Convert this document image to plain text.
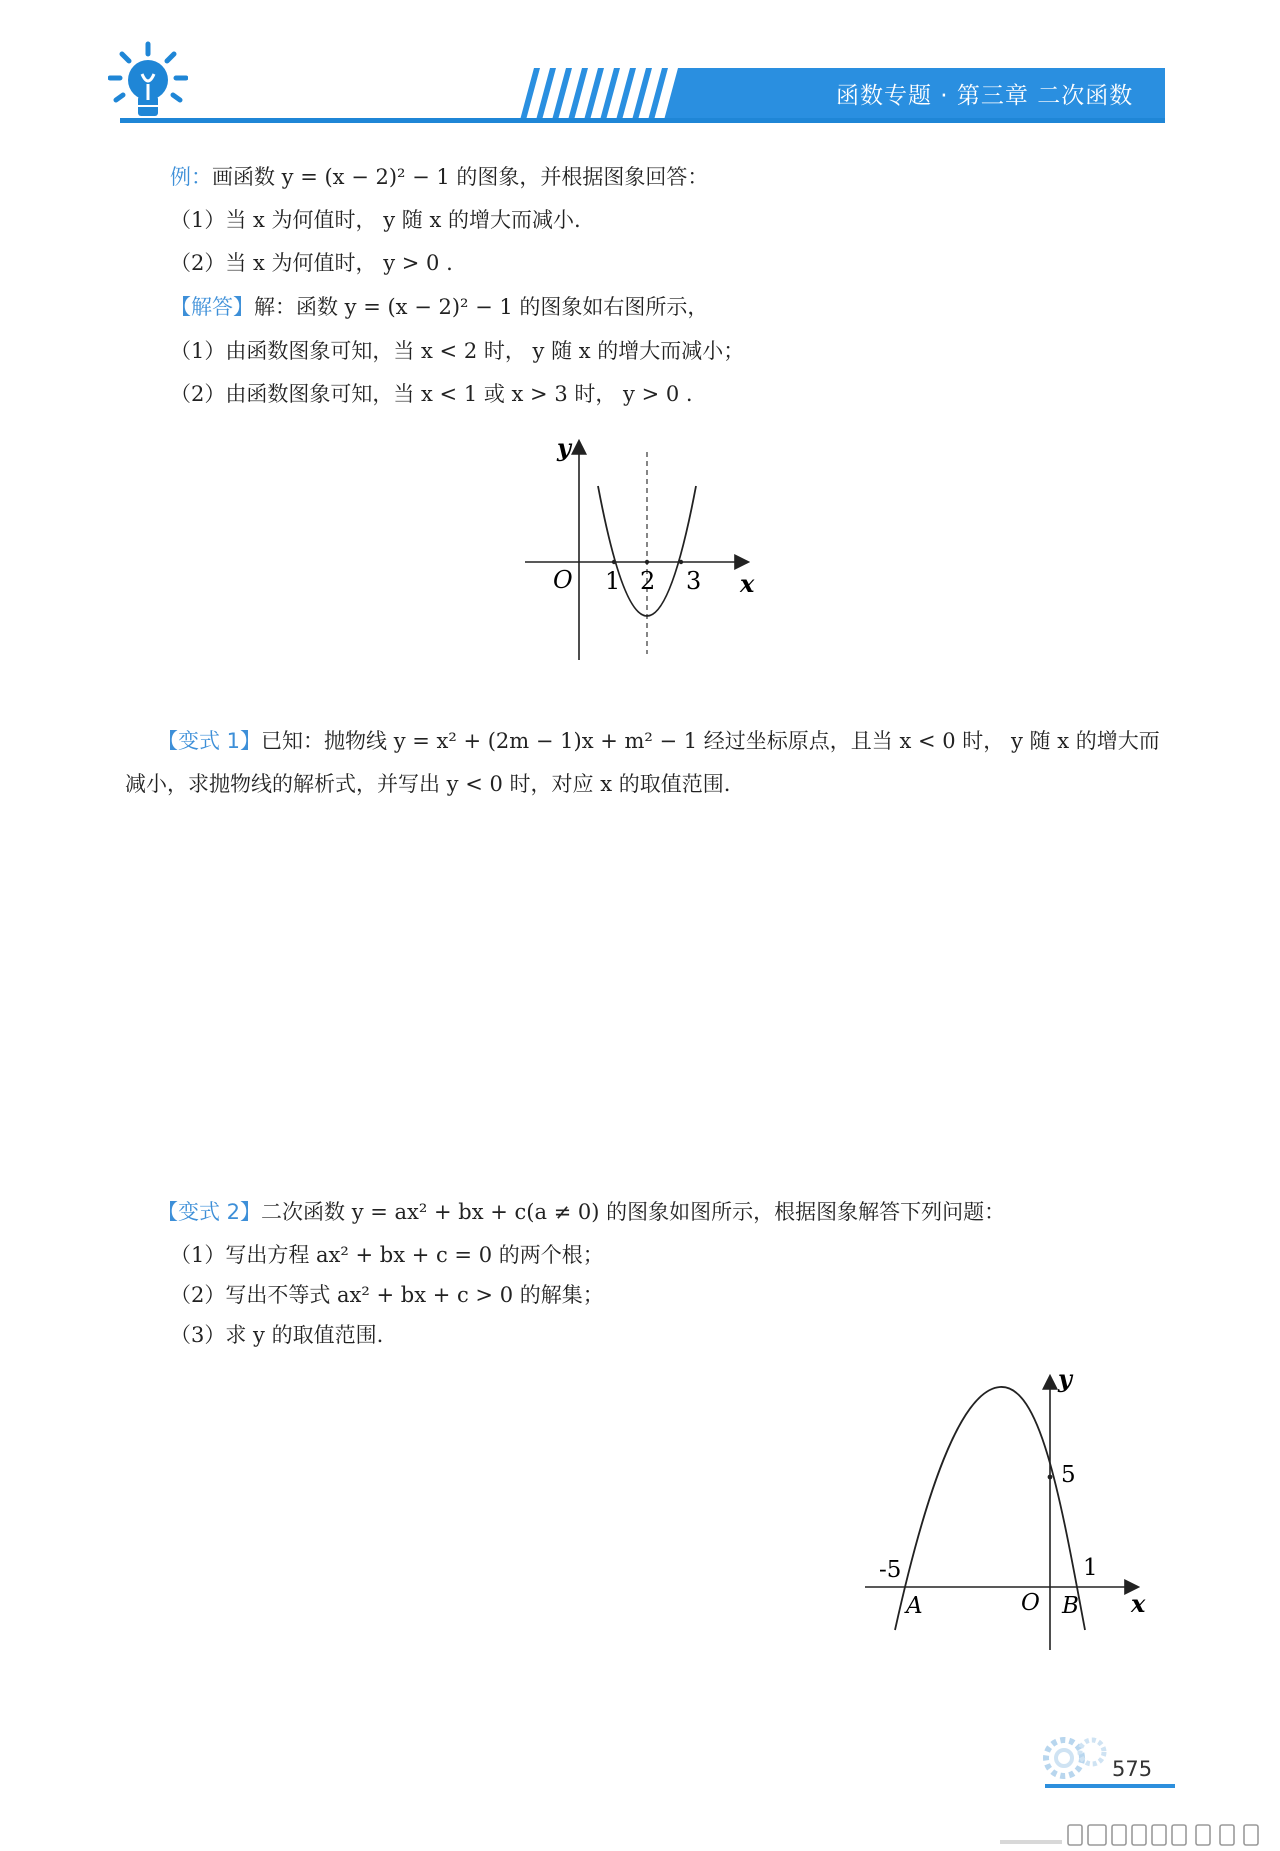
函数专题 · 第三章 二次函数
例：画函数 y = (x − 2)² − 1 的图象，并根据图象回答：
（1）当 x 为何值时， y 随 x 的增大而减小.
（2）当 x 为何值时， y > 0 .
【解答】解：函数 y = (x − 2)² − 1 的图象如右图所示，
（1）由函数图象可知，当 x < 2 时， y 随 x 的增大而减小；
（2）由函数图象可知，当 x < 1 或 x > 3 时， y > 0 .
y
x
O 1 2 3
【变式 1】已知：抛物线 y = x² + (2m − 1)x + m² − 1 经过坐标原点，且当 x < 0 时， y 随 x 的增大而
减小，求抛物线的解析式，并写出 y < 0 时，对应 x 的取值范围.
【变式 2】二次函数 y = ax² + bx + c(a ≠ 0) 的图象如图所示，根据图象解答下列问题：
（1）写出方程 ax² + bx + c = 0 的两个根；
（2）写出不等式 ax² + bx + c > 0 的解集；
（3）求 y 的取值范围.
y
x
O
5
-5	1
A	B
575
